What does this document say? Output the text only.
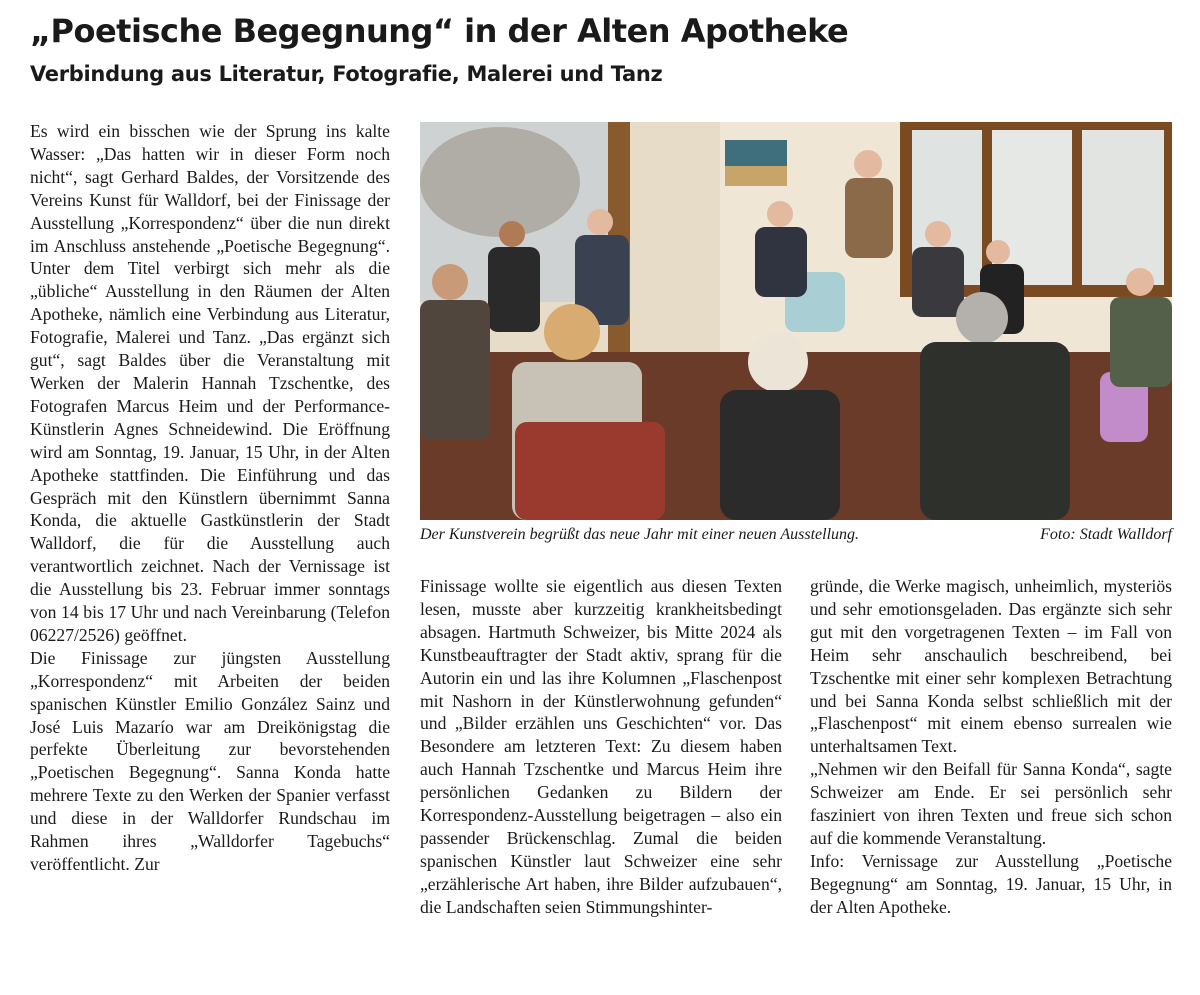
„Poetische Begegnung“ in der Alten Apotheke
Verbindung aus Literatur, Fotografie, Malerei und Tanz

Es wird ein bisschen wie der Sprung ins kalte Wasser: „Das hatten wir in dieser Form noch nicht“, sagt Gerhard Baldes, der Vorsitzende des Vereins Kunst für Walldorf, bei der Finissage der Ausstellung „Korrespondenz“ über die nun direkt im Anschluss anstehende „Poetische Begegnung“. Unter dem Titel verbirgt sich mehr als die „übliche“ Ausstellung in den Räumen der Alten Apotheke, nämlich eine Verbindung aus Literatur, Fotografie, Malerei und Tanz. „Das ergänzt sich gut“, sagt Baldes über die Veranstaltung mit Werken der Malerin Hannah Tzschentke, des Fotografen Marcus Heim und der Performance-Künstlerin Agnes Schneidewind. Die Eröffnung wird am Sonntag, 19. Januar, 15 Uhr, in der Alten Apotheke stattfinden. Die Einführung und das Gespräch mit den Künstlern übernimmt Sanna Konda, die aktuelle Gastkünstlerin der Stadt Walldorf, die für die Ausstellung auch verantwortlich zeichnet. Nach der Vernissage ist die Ausstellung bis 23. Februar immer sonntags von 14 bis 17 Uhr und nach Vereinbarung (Telefon 06227/2526) geöffnet.

Die Finissage zur jüngsten Ausstellung „Korrespondenz“ mit Arbeiten der beiden spanischen Künstler Emilio González Sainz und José Luis Mazarío war am Dreikönigstag die perfekte Überleitung zur bevorstehenden „Poetischen Begegnung“. Sanna Konda hatte mehrere Texte zu den Werken der Spanier verfasst und diese in der Walldorfer Rundschau im Rahmen ihres „Walldorfer Tagebuchs“ veröffentlicht. Zur

Der Kunstverein begrüßt das neue Jahr mit einer neuen Ausstellung.	Foto: Stadt Walldorf

Finissage wollte sie eigentlich aus diesen Texten lesen, musste aber kurzzeitig krankheitsbedingt absagen. Hartmuth Schweizer, bis Mitte 2024 als Kunstbeauftragter der Stadt aktiv, sprang für die Autorin ein und las ihre Kolumnen „Flaschenpost mit Nashorn in der Künstlerwohnung gefunden“ und „Bilder erzählen uns Geschichten“ vor. Das Besondere am letzteren Text: Zu diesem haben auch Hannah Tzschentke und Marcus Heim ihre persönlichen Gedanken zu Bildern der Korrespondenz-Ausstellung beigetragen – also ein passender Brückenschlag. Zumal die beiden spanischen Künstler laut Schweizer eine sehr „erzählerische Art haben, ihre Bilder aufzubauen“, die Landschaften seien Stimmungshinter-

gründe, die Werke magisch, unheimlich, mysteriös und sehr emotionsgeladen. Das ergänzte sich sehr gut mit den vorgetragenen Texten – im Fall von Heim sehr anschaulich beschreibend, bei Tzschentke mit einer sehr komplexen Betrachtung und bei Sanna Konda selbst schließlich mit der „Flaschenpost“ mit einem ebenso surrealen wie unterhaltsamen Text.

„Nehmen wir den Beifall für Sanna Konda“, sagte Schweizer am Ende. Er sei persönlich sehr fasziniert von ihren Texten und freue sich schon auf die kommende Veranstaltung.

Info: Vernissage zur Ausstellung „Poetische Begegnung“ am Sonntag, 19. Januar, 15 Uhr, in der Alten Apotheke.
